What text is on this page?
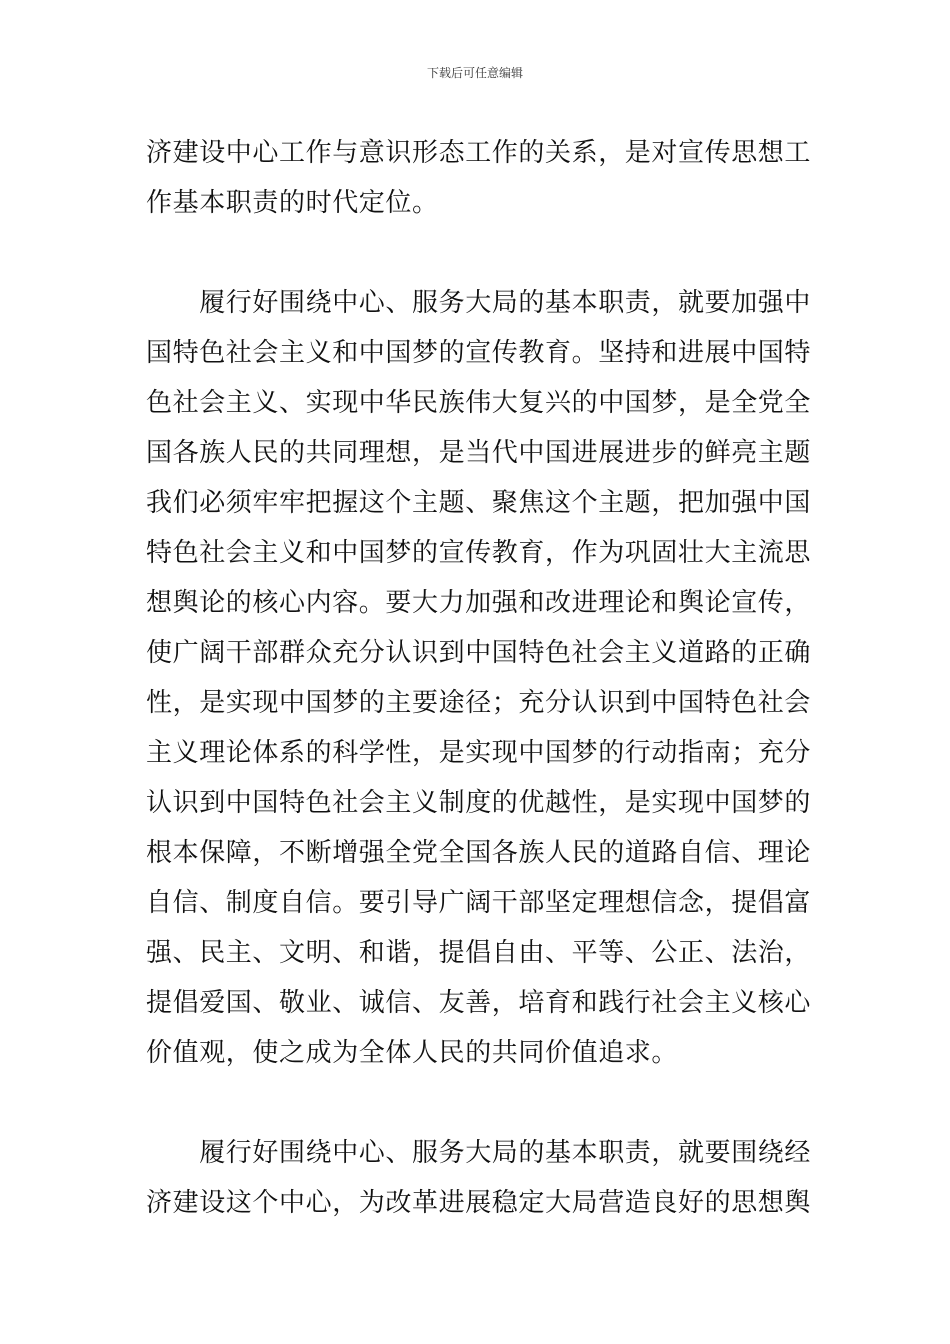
下载后可任意编辑
济建设中心工作与意识形态工作的关系，是对宣传思想工
作基本职责的时代定位。
　　履行好围绕中心、服务大局的基本职责，就要加强中
国特色社会主义和中国梦的宣传教育。坚持和进展中国特
色社会主义、实现中华民族伟大复兴的中国梦，是全党全
国各族人民的共同理想，是当代中国进展进步的鲜亮主题
我们必须牢牢把握这个主题、聚焦这个主题，把加强中国
特色社会主义和中国梦的宣传教育，作为巩固壮大主流思
想舆论的核心内容。要大力加强和改进理论和舆论宣传，
使广阔干部群众充分认识到中国特色社会主义道路的正确
性，是实现中国梦的主要途径；充分认识到中国特色社会
主义理论体系的科学性，是实现中国梦的行动指南；充分
认识到中国特色社会主义制度的优越性，是实现中国梦的
根本保障，不断增强全党全国各族人民的道路自信、理论
自信、制度自信。要引导广阔干部坚定理想信念，提倡富
强、民主、文明、和谐，提倡自由、平等、公正、法治，
提倡爱国、敬业、诚信、友善，培育和践行社会主义核心
价值观，使之成为全体人民的共同价值追求。
　　履行好围绕中心、服务大局的基本职责，就要围绕经
济建设这个中心，为改革进展稳定大局营造良好的思想舆
